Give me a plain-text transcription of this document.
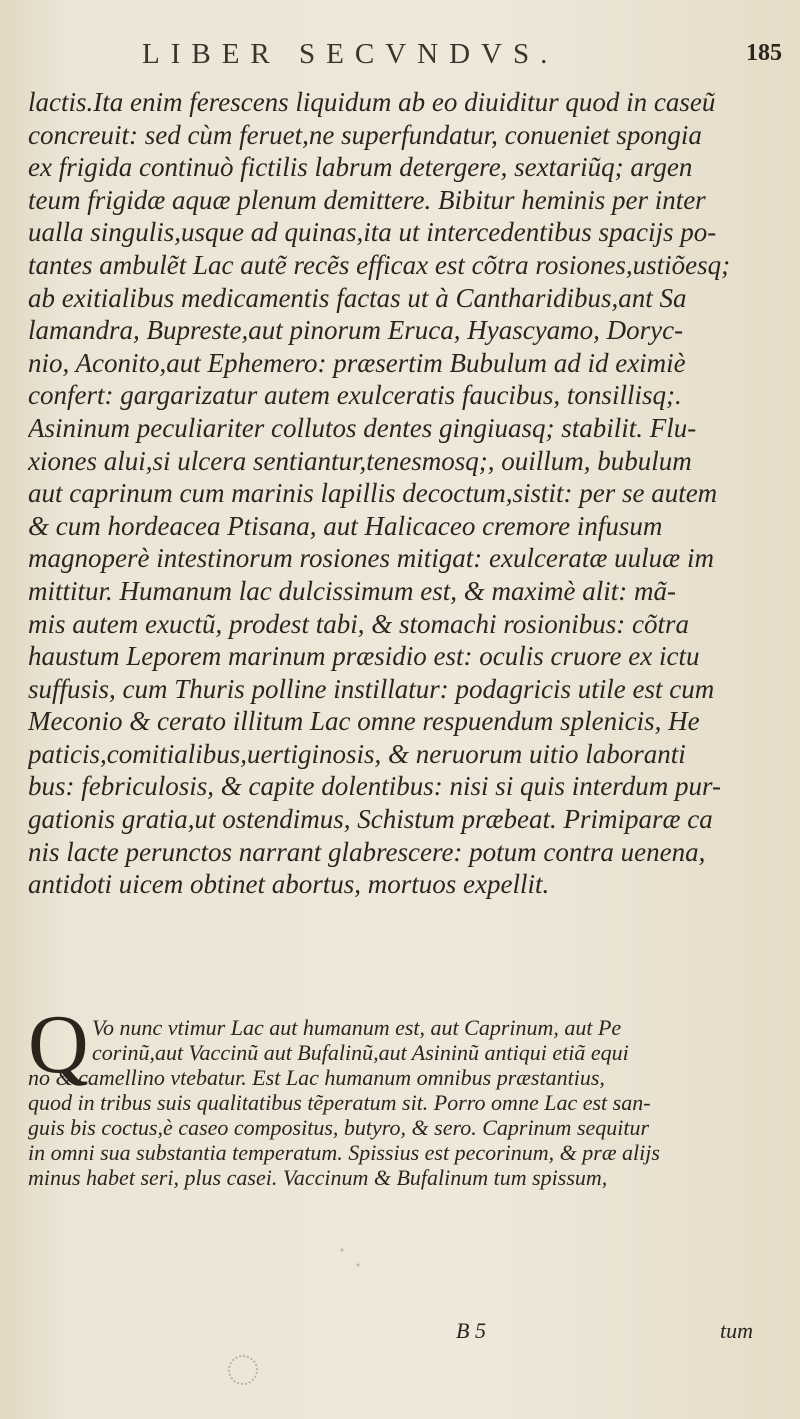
LIBER SECVNDVS.	185
lactis.Ita enim ferescens liquidum ab eo diuiditur quod in caseũ
concreuit: sed cùm feruet,ne superfundatur, conueniet spongia
ex frigida continuò fictilis labrum detergere, sextariũq; argen
teum frigidæ aquæ plenum demittere. Bibitur heminis per inter
ualla singulis,usque ad quinas,ita ut intercedentibus spacijs po-
tantes ambulẽt Lac autẽ recẽs efficax est cõtra rosiones,ustiõesq;
ab exitialibus medicamentis factas ut à Cantharidibus,ant Sa
lamandra, Bupreste,aut pinorum Eruca, Hyascyamo, Doryc-
nio, Aconito,aut Ephemero: præsertim Bubulum ad id eximiè
confert: gargarizatur autem exulceratis faucibus, tonsillisq;.
Asininum peculiariter collutos dentes gingiuasq; stabilit. Flu-
xiones alui,si ulcera sentiantur,tenesmosq;, ouillum, bubulum
aut caprinum cum marinis lapillis decoctum,sistit: per se autem
& cum hordeacea Ptisana, aut Halicaceo cremore infusum
magnoperè intestinorum rosiones mitigat: exulceratæ uuluæ im
mittitur. Humanum lac dulcissimum est, & maximè alit: mã-
mis autem exuctũ, prodest tabi, & stomachi rosionibus: cõtra
haustum Leporem marinum præsidio est: oculis cruore ex ictu
suffusis, cum Thuris polline instillatur: podagricis utile est cum
Meconio & cerato illitum Lac omne respuendum splenicis, He
paticis,comitialibus,uertiginosis, & neruorum uitio laboranti
bus: febriculosis, & capite dolentibus: nisi si quis interdum pur-
gationis gratia,ut ostendimus, Schistum præbeat. Primiparæ ca
nis lacte perunctos narrant glabrescere: potum contra uenena,
antidoti uicem obtinet abortus, mortuos expellit.
Q Vo nunc vtimur Lac aut humanum est, aut Caprinum, aut Pe
corinũ,aut Vaccinũ aut Bufalinũ,aut Asininũ antiqui etiã equi
no & camellino vtebatur. Est Lac humanum omnibus præstantius,
quod in tribus suis qualitatibus tẽperatum sit. Porro omne Lac est san-
guis bis coctus,è caseo compositus, butyro, & sero. Caprinum sequitur
in omni sua substantia temperatum. Spissius est pecorinum, & præ alijs
minus habet seri, plus casei. Vaccinum & Bufalinum tum spissum,
B 5	tum
